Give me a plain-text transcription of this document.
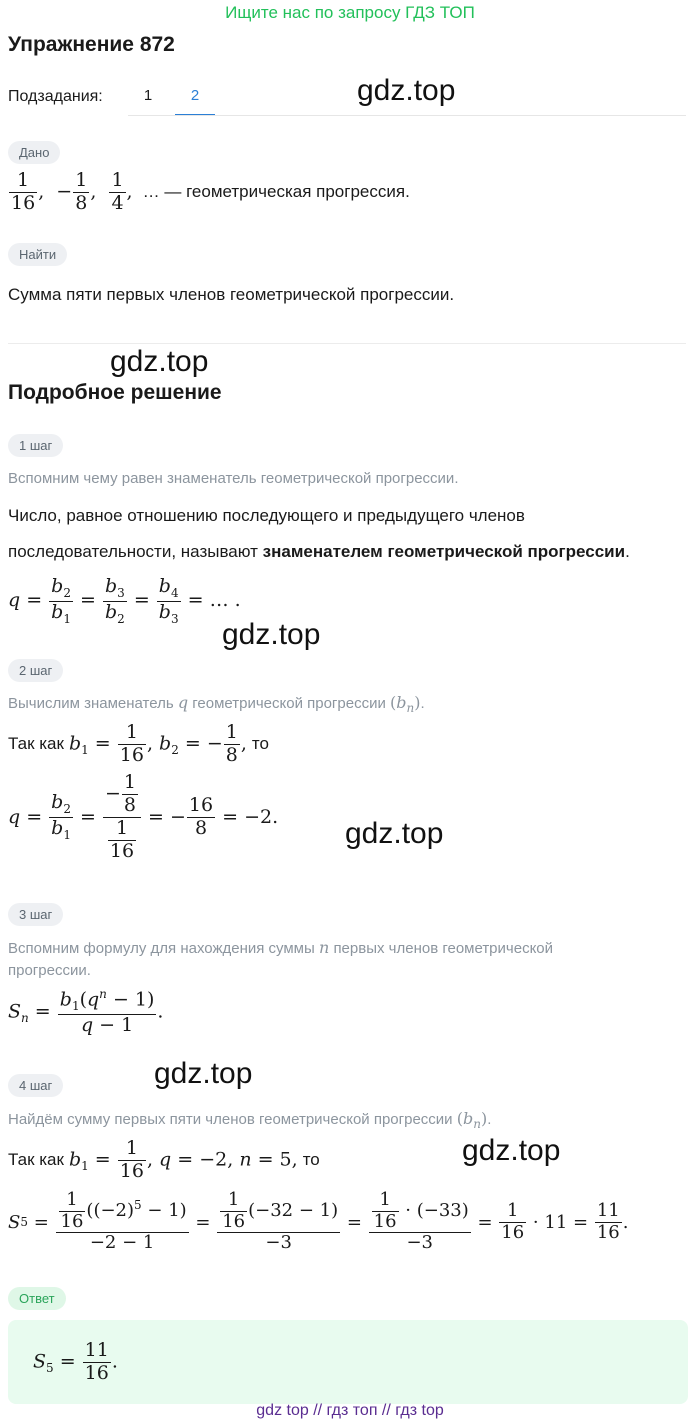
Ищите нас по запросу ГДЗ ТОП
Упражнение 872
Подзадания:	1	2	gdz.top
Дано
$\frac{1}{16}$ ,  − $\frac{1}{8}$ , $\frac{1}{4}$ , … — геометрическая прогрессия.
Найти
Сумма пяти первых членов геометрической прогрессии.
gdz.top
Подробное решение
1 шаг
Вспомним чему равен знаменатель геометрической прогрессии.
Число, равное отношению последующего и предыдущего членов
последовательности, называют знаменателем геометрической прогрессии.
$q = \frac{b_2}{b_1} = \frac{b_3}{b_2} = \frac{b_4}{b_3}$ = … .
gdz.top
2 шаг
Вычислим знаменатель q геометрической прогрессии $(b_n)$.
Так как $b_1 = \frac{1}{16}$ , $b_2$ = − $\frac{1}{8}$ , то
$q = \frac{b_2}{b_1} = \frac{- \frac{1}{8}}{\frac{1}{16}}$ = − $\frac{16}{8} = -2$. gdz.top
3 шаг
Вспомним формулу для нахождения суммы n первых членов геометрической
прогрессии.
$S_n = \frac{b_1(q^n - 1)}{q - 1}$ .
gdz.top
4 шаг
Найдём сумму первых пяти членов геометрической прогрессии $(b_n)$.
gdz.top
Так как $b_1 = \frac{1}{16}$ , q = −2, n = 5, то
S $5 = \frac{\frac{1}{16} ((-2)^5 - 1)}{-2 - 1} = \frac{\frac{1}{16} (-32 - 1)}{-3} = \frac{\frac{1}{16} \cdot (-33)}{-3} = \frac{1}{16} \cdot 11 = \frac{11}{16}$ .
Ответ
$S_5 = \frac{11}{16}$ .
gdz top // гдз топ // гдз top
